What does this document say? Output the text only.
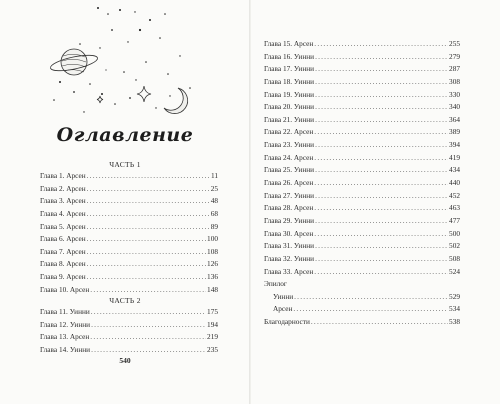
Оглавление
ЧАСТЬ 1
Глава 1. Арсен .....	11
Глава 2. Арсен .....	25
Глава 3. Арсен .....	48
Глава 4. Арсен .....	68
Глава 5. Арсен .....	89
Глава 6. Арсен .....	100
Глава 7. Арсен .....	108
Глава 8. Арсен .....	126
Глава 9. Арсен .....	136
Глава 10. Арсен .....	148
ЧАСТЬ 2
Глава 11. Уинни .....	175
Глава 12. Уинни .....	194
Глава 13. Арсен .....	219
Глава 14. Уинни .....	235
540
Глава 15. Арсен .....	255
Глава 16. Уинни .....	279
Глава 17. Уинни .....	287
Глава 18. Уинни .....	308
Глава 19. Уинни .....	330
Глава 20. Уинни .....	340
Глава 21. Уинни .....	364
Глава 22. Арсен .....	389
Глава 23. Уинни .....	394
Глава 24. Арсен .....	419
Глава 25. Уинни .....	434
Глава 26. Арсен .....	440
Глава 27. Уинни .....	452
Глава 28. Арсен .....	463
Глава 29. Уинни .....	477
Глава 30. Арсен .....	500
Глава 31. Уинни .....	502
Глава 32. Уинни .....	508
Глава 33. Арсен .....	524
Эпилог
Уинни .....	529
Арсен .....	534
Благодарности .....	538
